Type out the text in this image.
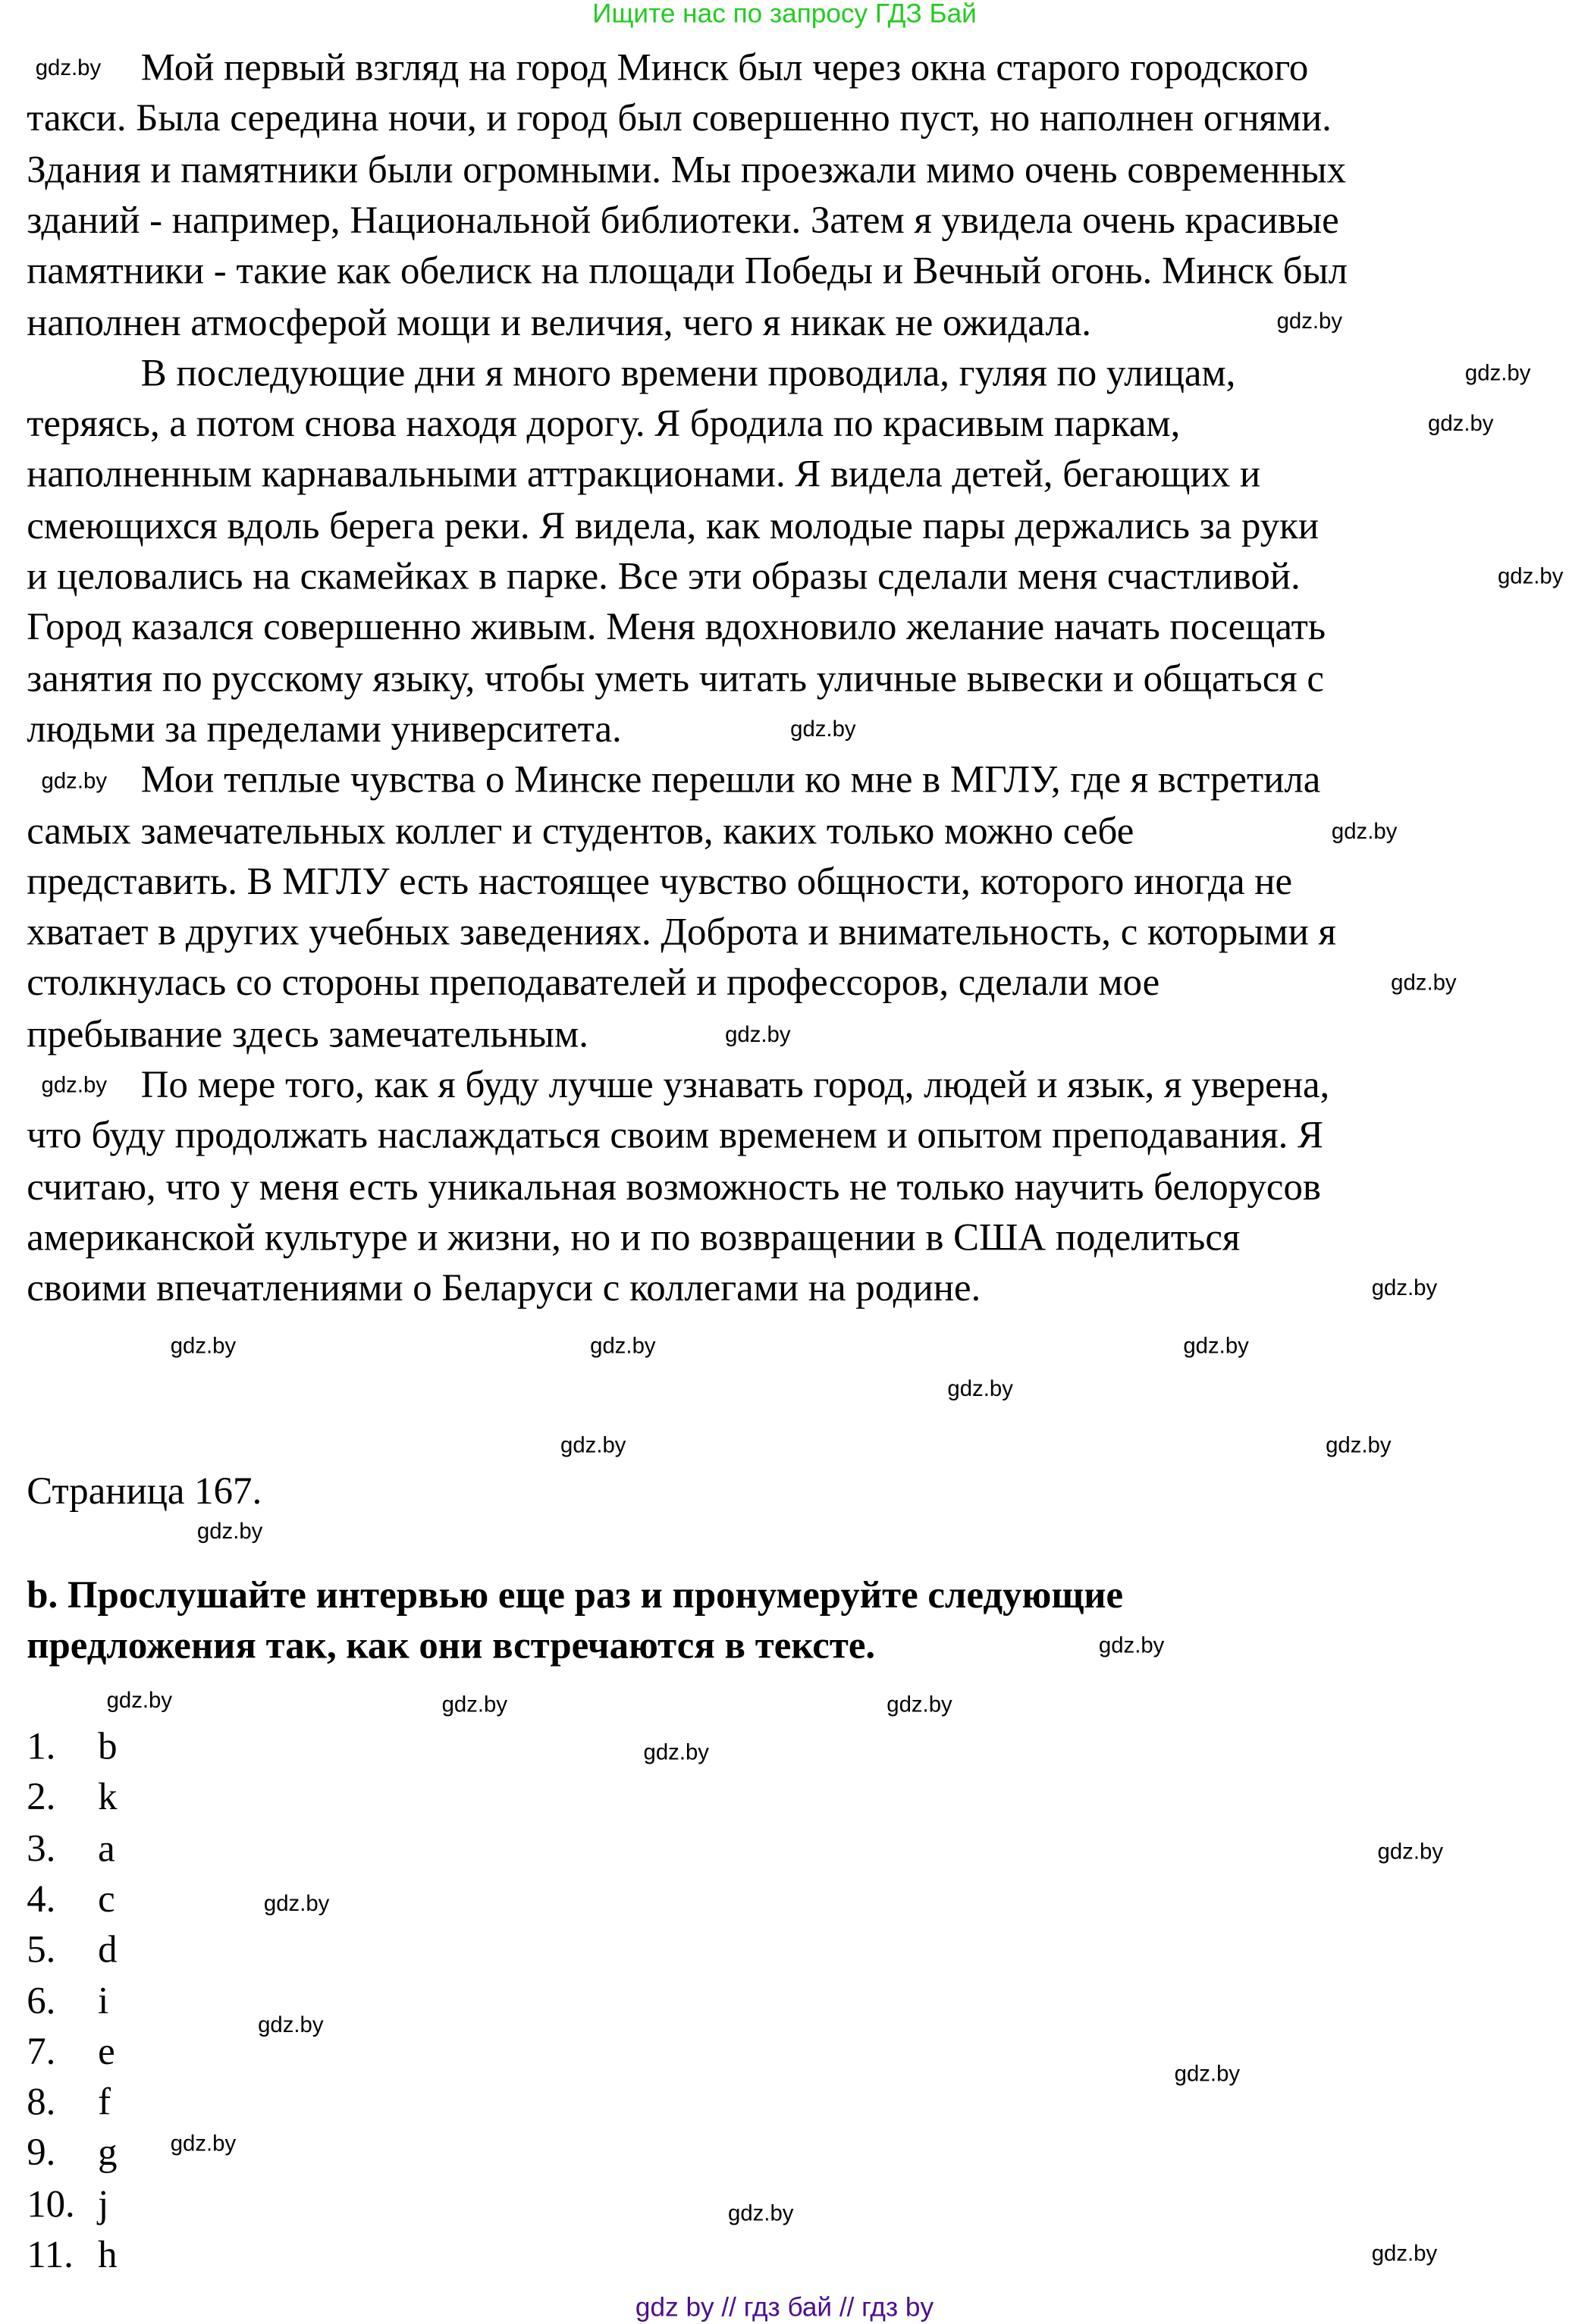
Ищите нас по запросу ГДЗ Бай
Мой первый взгляд на город Минск был через окна старого городского
такси. Была середина ночи, и город был совершенно пуст, но наполнен огнями.
Здания и памятники были огромными. Мы проезжали мимо очень современных
зданий - например, Национальной библиотеки. Затем я увидела очень красивые
памятники - такие как обелиск на площади Победы и Вечный огонь. Минск был
наполнен атмосферой мощи и величия, чего я никак не ожидала.
В последующие дни я много времени проводила, гуляя по улицам,
теряясь, а потом снова находя дорогу. Я бродила по красивым паркам,
наполненным карнавальными аттракционами. Я видела детей, бегающих и
смеющихся вдоль берега реки. Я видела, как молодые пары держались за руки
и целовались на скамейках в парке. Все эти образы сделали меня счастливой.
Город казался совершенно живым. Меня вдохновило желание начать посещать
занятия по русскому языку, чтобы уметь читать уличные вывески и общаться с
людьми за пределами университета.
Мои теплые чувства о Минске перешли ко мне в МГЛУ, где я встретила
самых замечательных коллег и студентов, каких только можно себе
представить. В МГЛУ есть настоящее чувство общности, которого иногда не
хватает в других учебных заведениях. Доброта и внимательность, с которыми я
столкнулась со стороны преподавателей и профессоров, сделали мое
пребывание здесь замечательным.
По мере того, как я буду лучше узнавать город, людей и язык, я уверена,
что буду продолжать наслаждаться своим временем и опытом преподавания. Я
считаю, что у меня есть уникальная возможность не только научить белорусов
американской культуре и жизни, но и по возвращении в США поделиться
своими впечатлениями о Беларуси с коллегами на родине.
Страница 167.
b. Прослушайте интервью еще раз и пронумеруйте следующие
предложения так, как они встречаются в тексте.
1. b
2. k
3. a
4. c
5. d
6. i
7. e
8. f
9. g
10. j
11. h
gdz.by
gdz.by	gdz.by
gdz.by
gdz.by
gdz.by
gdz.by
gdz.by
gdz.by
gdz.by
gdz.by
gdz.by	gdz.by
gdz.by
gdz.by
gdz.by
gdz.by
gdz.by
gdz.by
gdz.by
gdz.by
gdz.by
gdz.by
gdz.by
gdz.by
gdz.by
gdz.by
gdz.by
gdz.by
gdz.by
gdz.by
gdz by // гдз бай // гдз by
